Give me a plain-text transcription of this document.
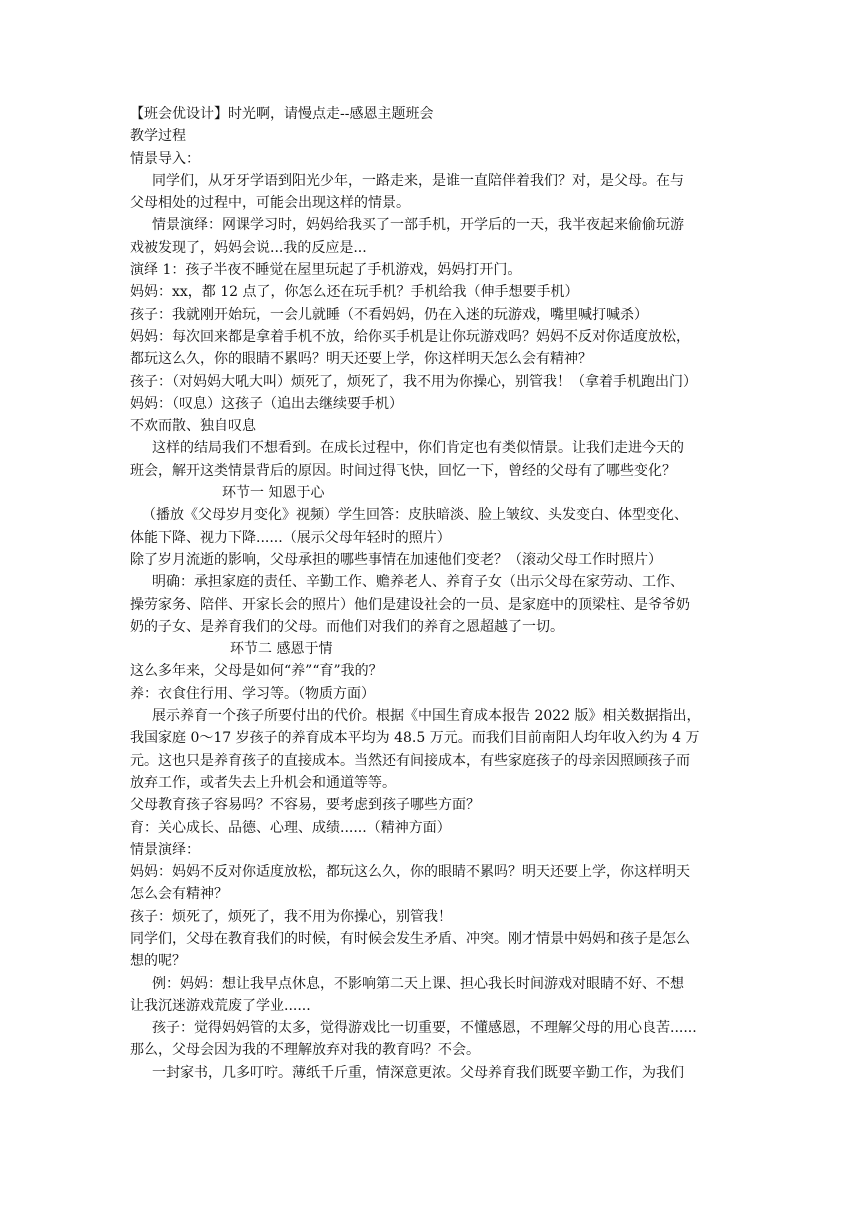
【班会优设计】时光啊，请慢点走--感恩主题班会
教学过程
情景导入：
同学们，从牙牙学语到阳光少年，一路走来，是谁一直陪伴着我们？对，是父母。在与
父母相处的过程中，可能会出现这样的情景。
情景演绎：网课学习时，妈妈给我买了一部手机，开学后的一天，我半夜起来偷偷玩游
戏被发现了，妈妈会说...我的反应是...
演绎 1：孩子半夜不睡觉在屋里玩起了手机游戏，妈妈打开门。
妈妈：xx，都 12 点了，你怎么还在玩手机？手机给我（伸手想要手机）
孩子：我就刚开始玩，一会儿就睡（不看妈妈，仍在入迷的玩游戏，嘴里喊打喊杀）
妈妈：每次回来都是拿着手机不放，给你买手机是让你玩游戏吗？妈妈不反对你适度放松，
都玩这么久，你的眼睛不累吗？明天还要上学，你这样明天怎么会有精神？
孩子：（对妈妈大吼大叫）烦死了，烦死了，我不用为你操心，别管我！（拿着手机跑出门）
妈妈：（叹息）这孩子（追出去继续要手机）
不欢而散、独自叹息
这样的结局我们不想看到。在成长过程中，你们肯定也有类似情景。让我们走进今天的
班会，解开这类情景背后的原因。时间过得飞快，回忆一下，曾经的父母有了哪些变化？
环节一 知恩于心
（播放《父母岁月变化》视频）学生回答：皮肤暗淡、脸上皱纹、头发变白、体型变化、
体能下降、视力下降......（展示父母年轻时的照片）
除了岁月流逝的影响，父母承担的哪些事情在加速他们变老？（滚动父母工作时照片）
明确：承担家庭的责任、辛勤工作、赡养老人、养育子女（出示父母在家劳动、工作、
操劳家务、陪伴、开家长会的照片）他们是建设社会的一员、是家庭中的顶梁柱、是爷爷奶
奶的子女、是养育我们的父母。而他们对我们的养育之恩超越了一切。
环节二 感恩于情
这么多年来，父母是如何“养”“育”我的？
养：衣食住行用、学习等。（物质方面）
展示养育一个孩子所要付出的代价。根据《中国生育成本报告 2022 版》相关数据指出，
我国家庭 0～17 岁孩子的养育成本平均为 48.5 万元。而我们目前南阳人均年收入约为 4 万
元。这也只是养育孩子的直接成本。当然还有间接成本，有些家庭孩子的母亲因照顾孩子而
放弃工作，或者失去上升机会和通道等等。
父母教育孩子容易吗？不容易，要考虑到孩子哪些方面？
育：关心成长、品德、心理、成绩......（精神方面）
情景演绎：
妈妈：妈妈不反对你适度放松，都玩这么久，你的眼睛不累吗？明天还要上学，你这样明天
怎么会有精神？
孩子：烦死了，烦死了，我不用为你操心，别管我！
同学们，父母在教育我们的时候，有时候会发生矛盾、冲突。刚才情景中妈妈和孩子是怎么
想的呢？
例：妈妈：想让我早点休息，不影响第二天上课、担心我长时间游戏对眼睛不好、不想
让我沉迷游戏荒废了学业......
孩子：觉得妈妈管的太多，觉得游戏比一切重要，不懂感恩，不理解父母的用心良苦......
那么，父母会因为我的不理解放弃对我的教育吗？不会。
一封家书，几多叮咛。薄纸千斤重，情深意更浓。父母养育我们既要辛勤工作，为我们
